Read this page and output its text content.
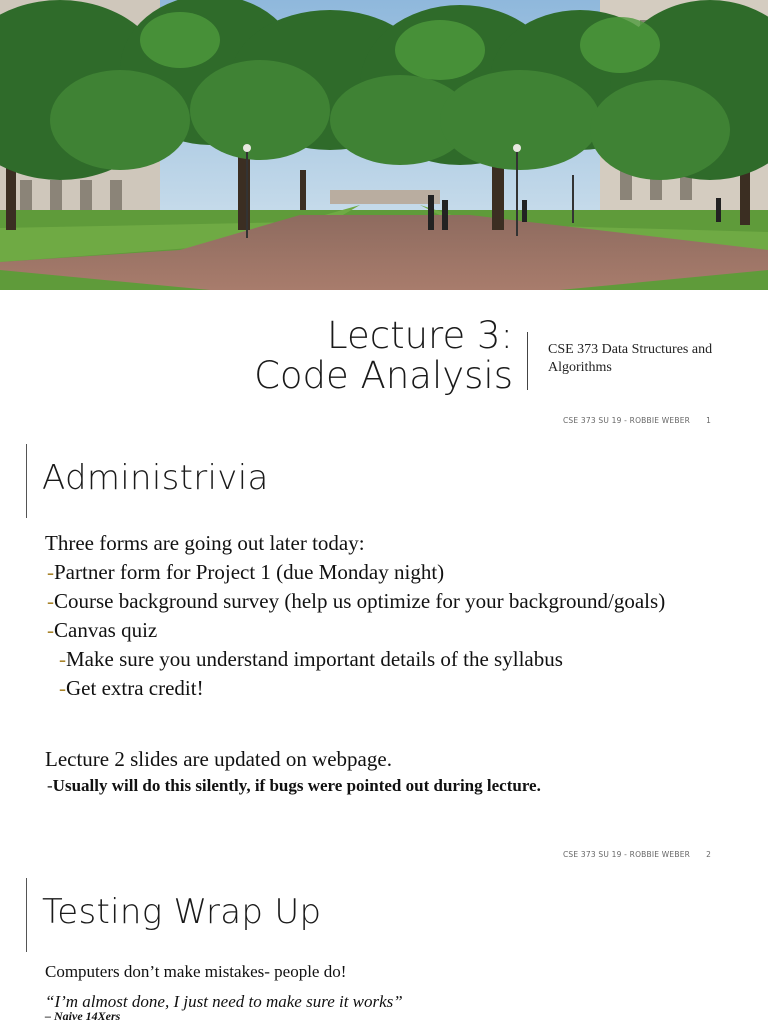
Lecture 3:
Code Analysis
CSE 373 Data Structures and Algorithms
CSE 373 SU 19 - ROBBIE WEBER 1
Administrivia
Three forms are going out later today:
-Partner form for Project 1 (due Monday night)
-Course background survey (help us optimize for your background/goals)
-Canvas quiz
-Make sure you understand important details of the syllabus
-Get extra credit!
Lecture 2 slides are updated on webpage.
-Usually will do this silently, if bugs were pointed out during lecture.
CSE 373 SU 19 - ROBBIE WEBER 2
Testing Wrap Up
Computers don’t make mistakes- people do!
“I’m almost done, I just need to make sure it works”
– Naive 14Xers
